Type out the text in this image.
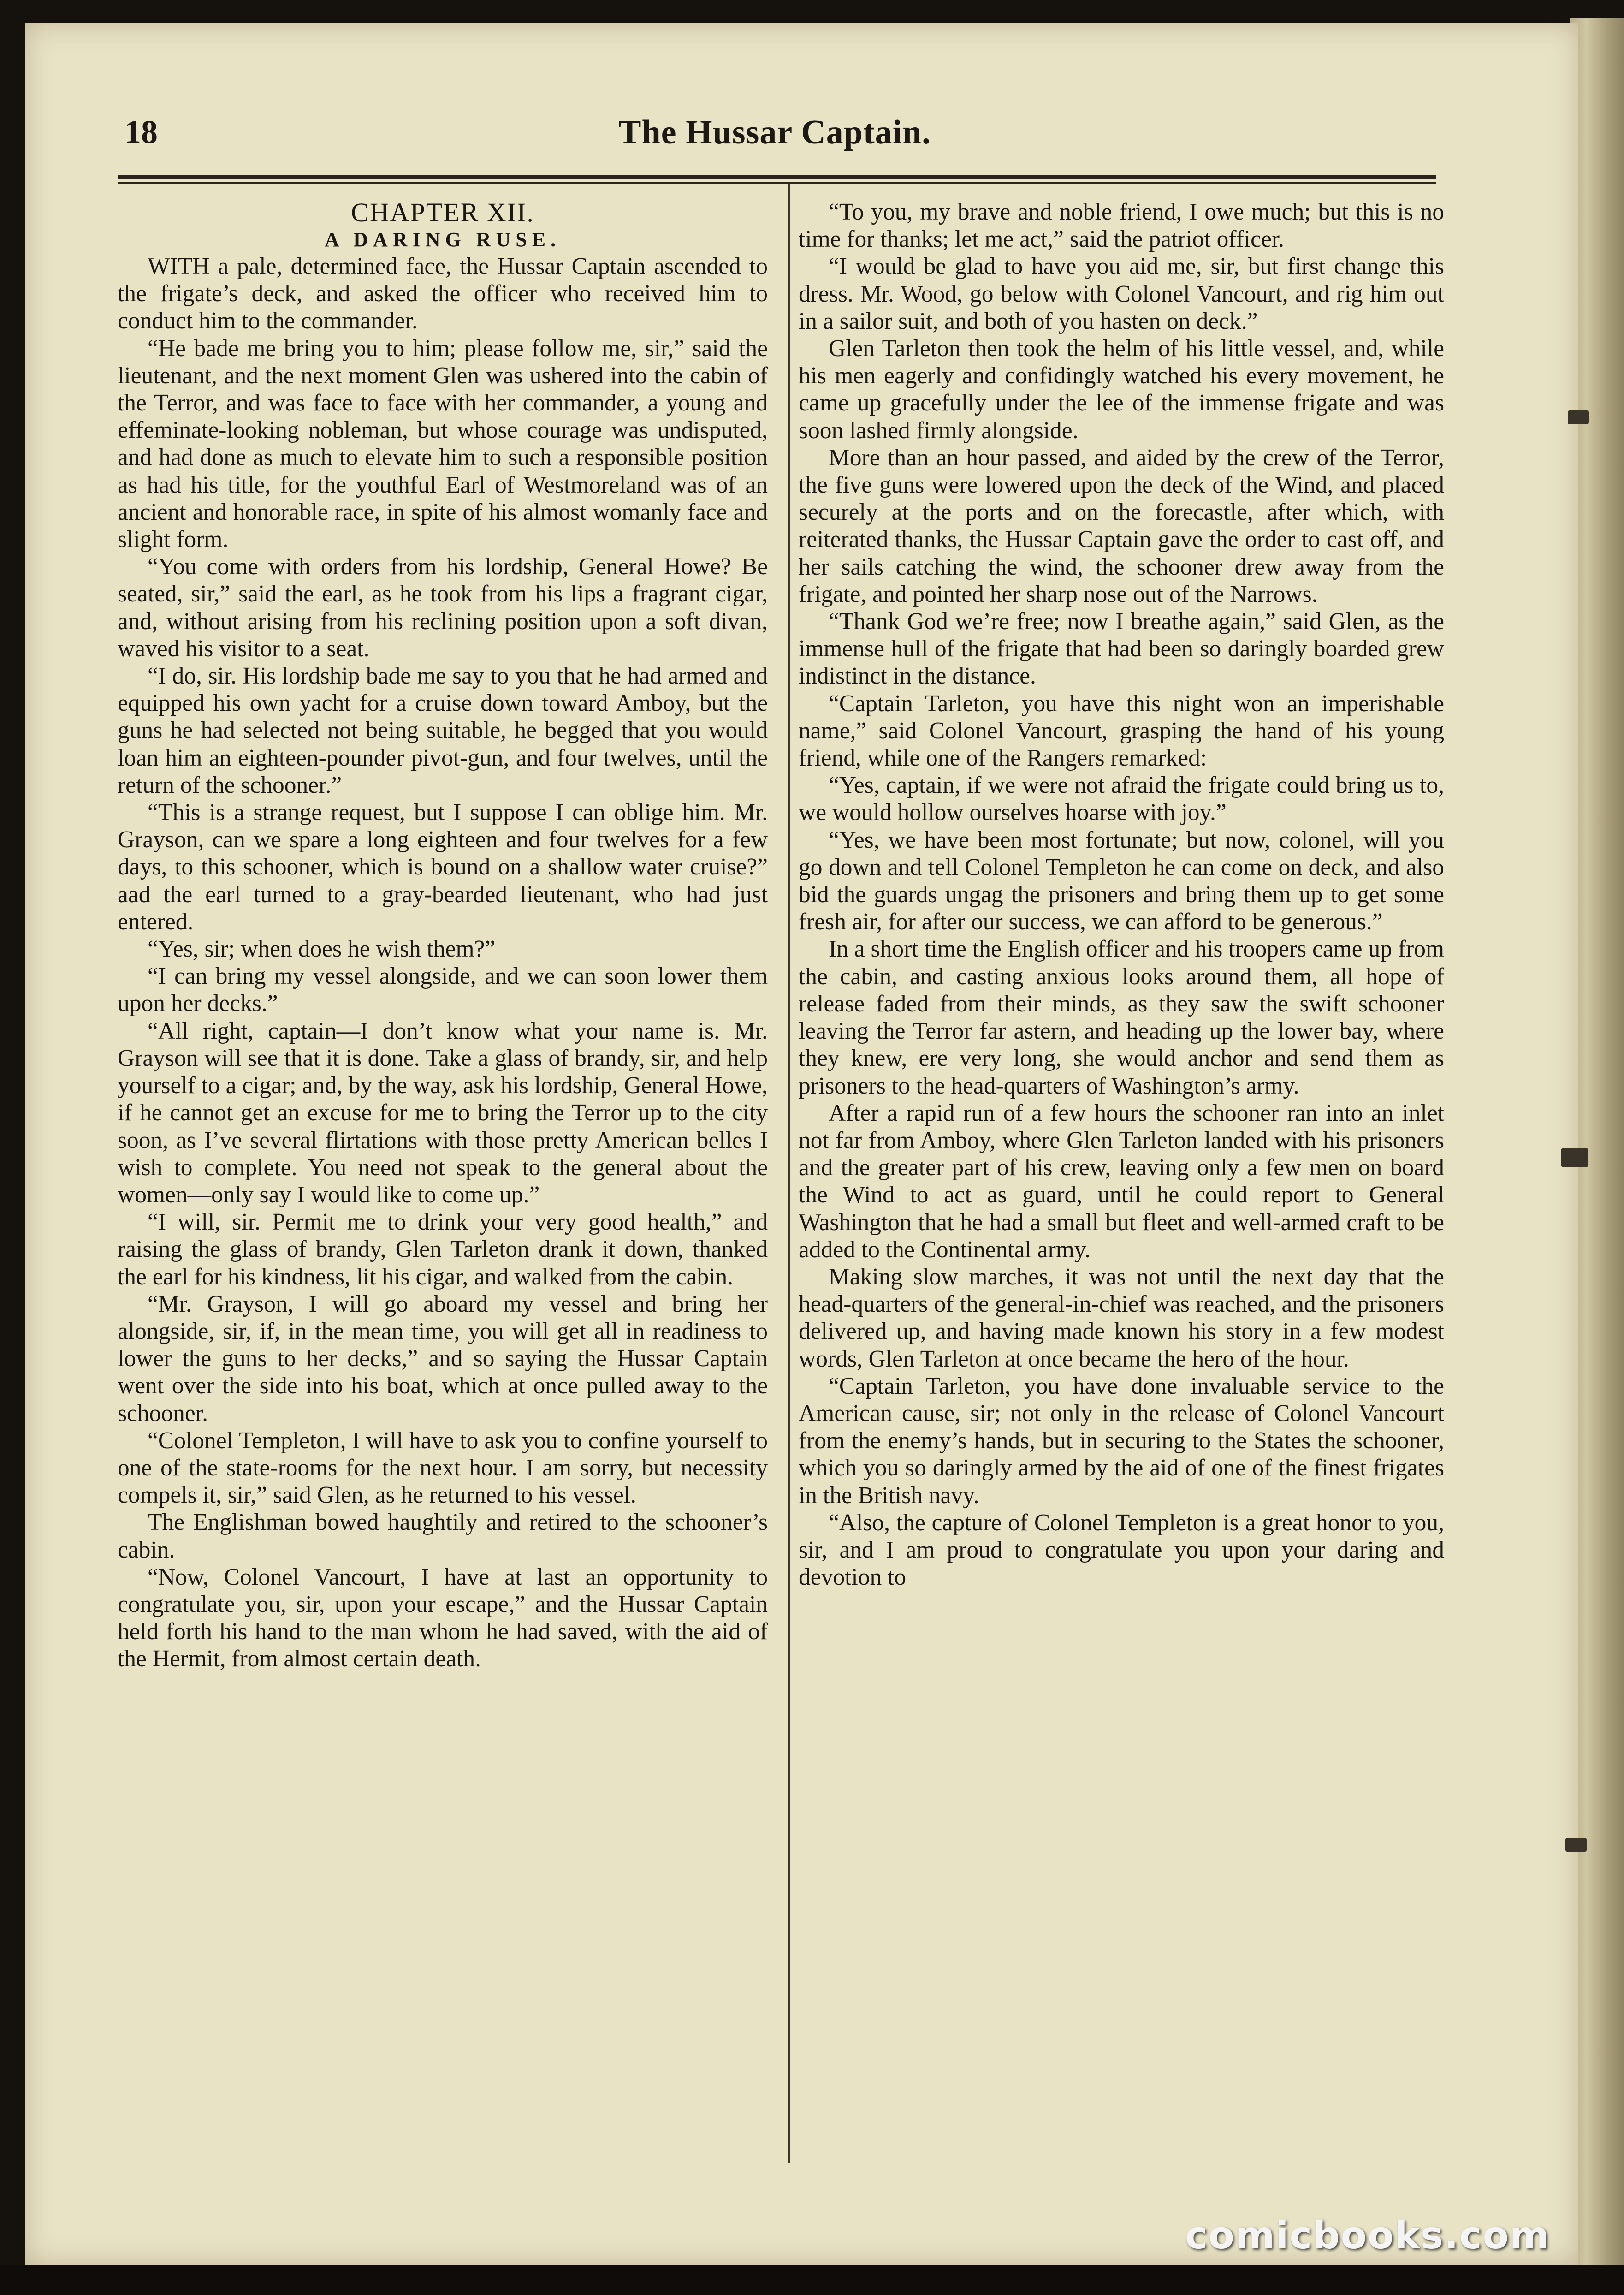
18	The Hussar Captain.

CHAPTER XII.

A DARING RUSE.

WITH a pale, determined face, the Hussar Captain ascended to the frigate’s deck, and asked the officer who received him to conduct him to the commander.

“He bade me bring you to him; please follow me, sir,” said the lieutenant, and the next moment Glen was ushered into the cabin of the Terror, and was face to face with her commander, a young and effeminate-looking nobleman, but whose courage was undisputed, and had done as much to elevate him to such a responsible position as had his title, for the youthful Earl of Westmoreland was of an ancient and honorable race, in spite of his almost womanly face and slight form.

“You come with orders from his lordship, General Howe? Be seated, sir,” said the earl, as he took from his lips a fragrant cigar, and, without arising from his reclining position upon a soft divan, waved his visitor to a seat.

“I do, sir. His lordship bade me say to you that he had armed and equipped his own yacht for a cruise down toward Amboy, but the guns he had selected not being suitable, he begged that you would loan him an eighteen-pounder pivot-gun, and four twelves, until the return of the schooner.”

“This is a strange request, but I suppose I can oblige him. Mr. Grayson, can we spare a long eighteen and four twelves for a few days, to this schooner, which is bound on a shallow water cruise?” aad the earl turned to a gray-bearded lieutenant, who had just entered.

“Yes, sir; when does he wish them?”

“I can bring my vessel alongside, and we can soon lower them upon her decks.”

“All right, captain—I don’t know what your name is. Mr. Grayson will see that it is done. Take a glass of brandy, sir, and help yourself to a cigar; and, by the way, ask his lordship, General Howe, if he cannot get an excuse for me to bring the Terror up to the city soon, as I’ve several flirtations with those pretty American belles I wish to complete. You need not speak to the general about the women—only say I would like to come up.”

“I will, sir. Permit me to drink your very good health,” and raising the glass of brandy, Glen Tarleton drank it down, thanked the earl for his kindness, lit his cigar, and walked from the cabin.

“Mr. Grayson, I will go aboard my vessel and bring her alongside, sir, if, in the mean time, you will get all in readiness to lower the guns to her decks,” and so saying the Hussar Captain went over the side into his boat, which at once pulled away to the schooner.

“Colonel Templeton, I will have to ask you to confine yourself to one of the state-rooms for the next hour. I am sorry, but necessity compels it, sir,” said Glen, as he returned to his vessel.

The Englishman bowed haughtily and retired to the schooner’s cabin.

“Now, Colonel Vancourt, I have at last an opportunity to congratulate you, sir, upon your escape,” and the Hussar Captain held forth his hand to the man whom he had saved, with the aid of the Hermit, from almost certain death.

“To you, my brave and noble friend, I owe much; but this is no time for thanks; let me act,” said the patriot officer.

“I would be glad to have you aid me, sir, but first change this dress. Mr. Wood, go below with Colonel Vancourt, and rig him out in a sailor suit, and both of you hasten on deck.”

Glen Tarleton then took the helm of his little vessel, and, while his men eagerly and confidingly watched his every movement, he came up gracefully under the lee of the immense frigate and was soon lashed firmly alongside.

More than an hour passed, and aided by the crew of the Terror, the five guns were lowered upon the deck of the Wind, and placed securely at the ports and on the forecastle, after which, with reiterated thanks, the Hussar Captain gave the order to cast off, and her sails catching the wind, the schooner drew away from the frigate, and pointed her sharp nose out of the Narrows.

“Thank God we’re free; now I breathe again,” said Glen, as the immense hull of the frigate that had been so daringly boarded grew indistinct in the distance.

“Captain Tarleton, you have this night won an imperishable name,” said Colonel Vancourt, grasping the hand of his young friend, while one of the Rangers remarked:

“Yes, captain, if we were not afraid the frigate could bring us to, we would hollow ourselves hoarse with joy.”

“Yes, we have been most fortunate; but now, colonel, will you go down and tell Colonel Templeton he can come on deck, and also bid the guards ungag the prisoners and bring them up to get some fresh air, for after our success, we can afford to be generous.”

In a short time the English officer and his troopers came up from the cabin, and casting anxious looks around them, all hope of release faded from their minds, as they saw the swift schooner leaving the Terror far astern, and heading up the lower bay, where they knew, ere very long, she would anchor and send them as prisoners to the head-quarters of Washington’s army.

After a rapid run of a few hours the schooner ran into an inlet not far from Amboy, where Glen Tarleton landed with his prisoners and the greater part of his crew, leaving only a few men on board the Wind to act as guard, until he could report to General Washington that he had a small but fleet and well-armed craft to be added to the Continental army.

Making slow marches, it was not until the next day that the head-quarters of the general-in-chief was reached, and the prisoners delivered up, and having made known his story in a few modest words, Glen Tarleton at once became the hero of the hour.

“Captain Tarleton, you have done invaluable service to the American cause, sir; not only in the release of Colonel Vancourt from the enemy’s hands, but in securing to the States the schooner, which you so daringly armed by the aid of one of the finest frigates in the British navy.

“Also, the capture of Colonel Templeton is a great honor to you, sir, and I am proud to congratulate you upon your daring and devotion to

comicbooks.com
